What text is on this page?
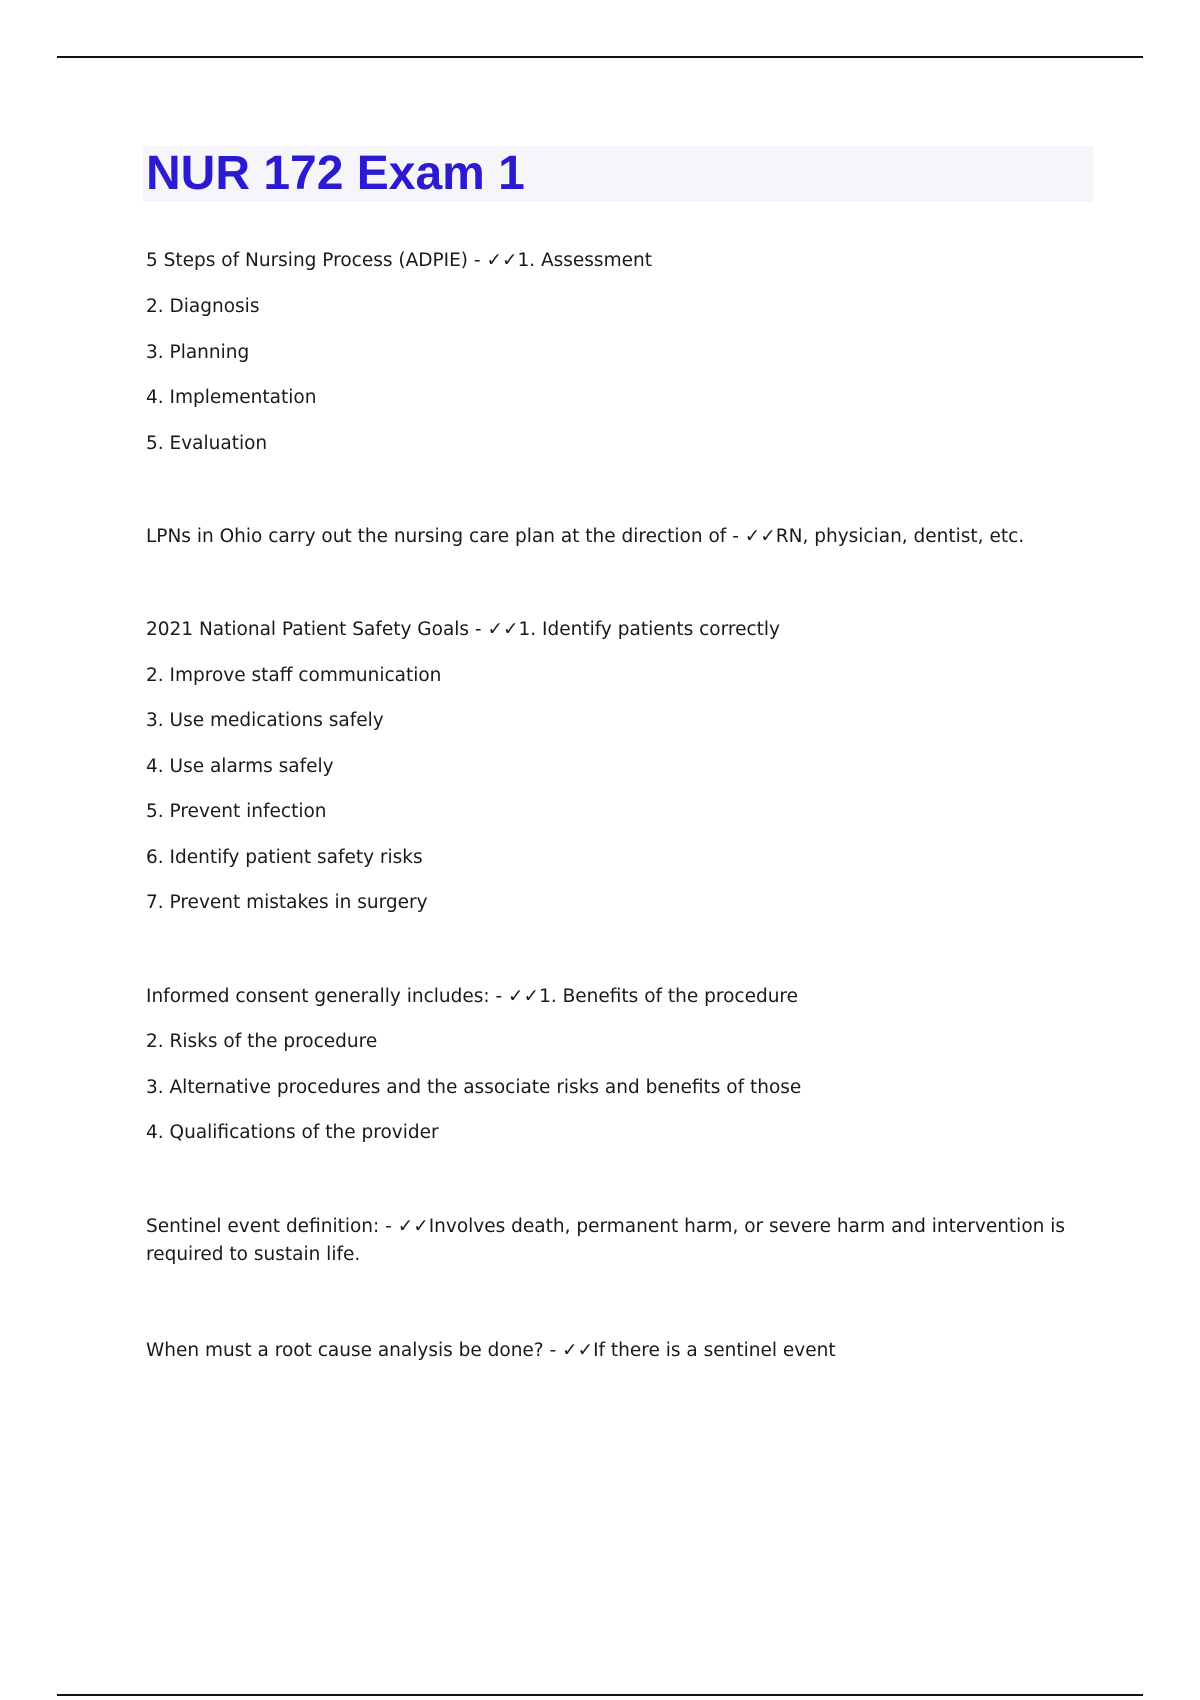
NUR 172 Exam 1
5 Steps of Nursing Process (ADPIE) - ✓✓1. Assessment
2. Diagnosis
3. Planning
4. Implementation
5. Evaluation
LPNs in Ohio carry out the nursing care plan at the direction of - ✓✓RN, physician, dentist, etc.
2021 National Patient Safety Goals - ✓✓1. Identify patients correctly
2. Improve staff communication
3. Use medications safely
4. Use alarms safely
5. Prevent infection
6. Identify patient safety risks
7. Prevent mistakes in surgery
Informed consent generally includes: - ✓✓1. Benefits of the procedure
2. Risks of the procedure
3. Alternative procedures and the associate risks and benefits of those
4. Qualifications of the provider
Sentinel event definition: - ✓✓Involves death, permanent harm, or severe harm and intervention is required to sustain life.
When must a root cause analysis be done? - ✓✓If there is a sentinel event
